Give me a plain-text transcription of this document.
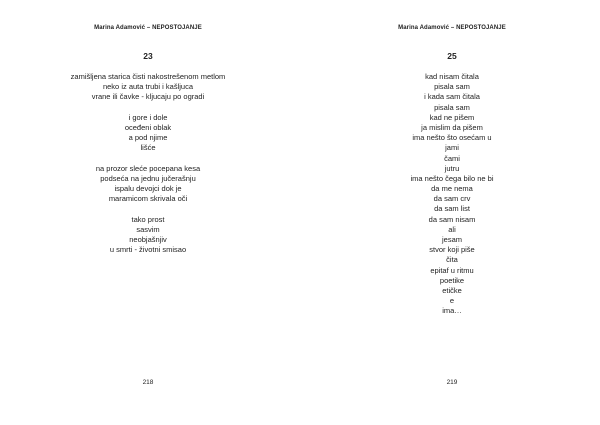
Marina Adamović – NEPOSTOJANJE
23
zamišljena starica čisti nakostrešenom metlom
neko iz auta trubi i kašljuca
vrane ili čavke - kljucaju po ogradi
i gore i dole
oceđeni oblak
a pod njime
lišće
na prozor sleće pocepana kesa
podseća na jednu jučerašnju
ispalu devojci dok je
maramicom skrivala oči
tako prost
sasvim
neobjašnjiv
u smrti - životni smisao
218
Marina Adamović – NEPOSTOJANJE
25
kad nisam čitala
pisala sam
i kada sam čitala
pisala sam
kad ne pišem
ja mislim da pišem
ima nešto što osećam u
jami
čami
jutru
ima nešto čega bilo ne bi
da me nema
da sam crv
da sam list
da sam nisam
ali
jesam
stvor koji piše
čita
epitaf u ritmu
poetike
etičke
e
ima…
219
